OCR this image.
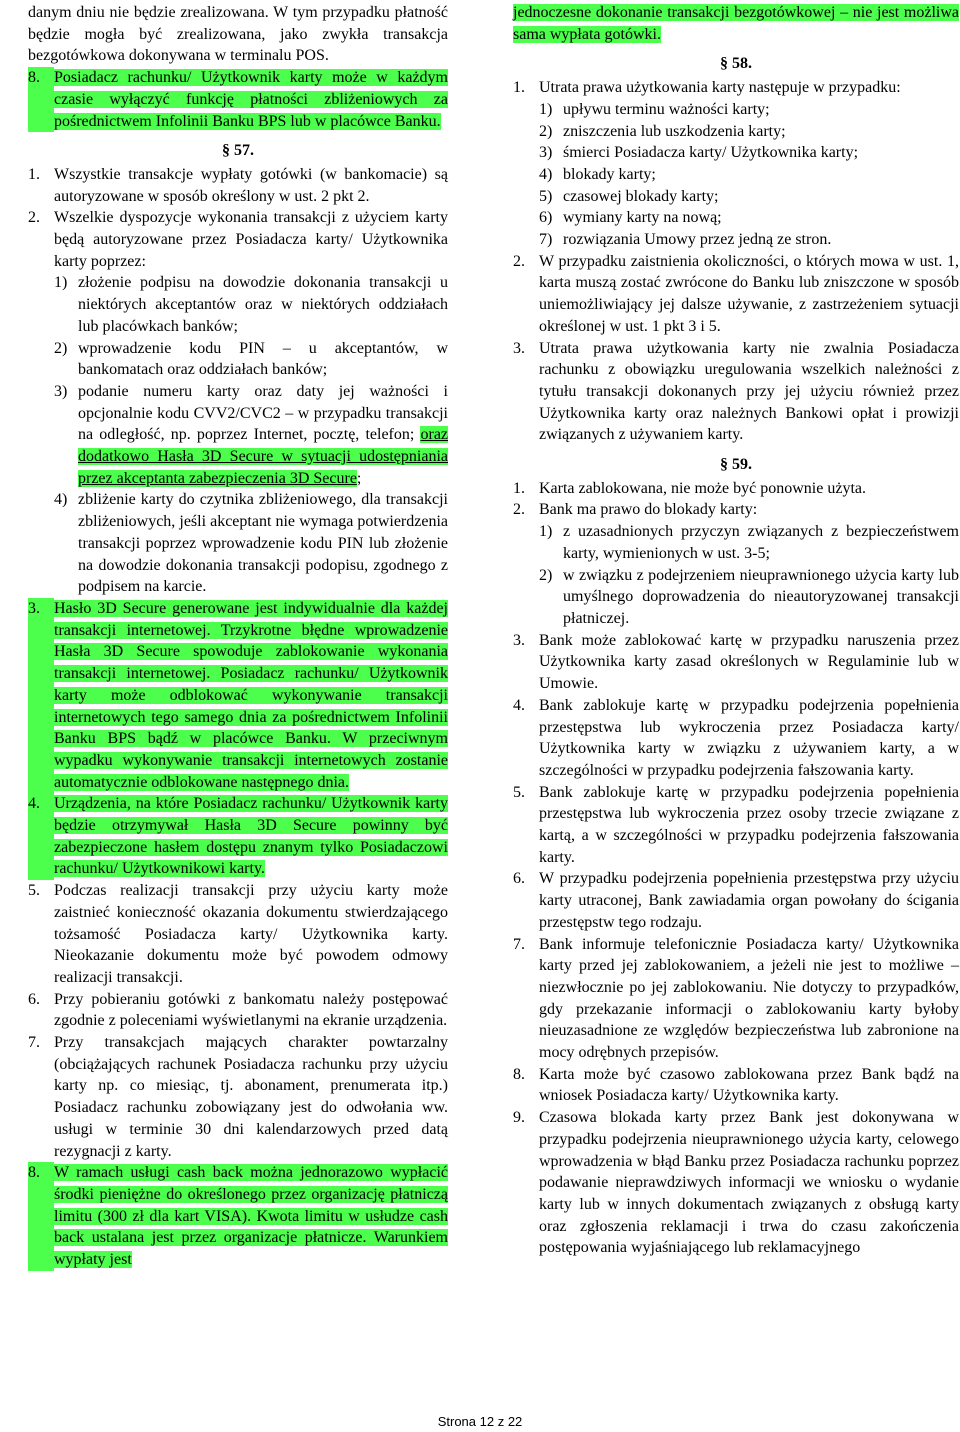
danym dniu nie będzie zrealizowana. W tym przypadku płatność będzie mogła być zrealizowana, jako zwykła transakcja bezgotówkowa dokonywana w terminalu POS.

8. Posiadacz rachunku/ Użytkownik karty może w każdym czasie wyłączyć funkcję płatności zbliżeniowych za pośrednictwem Infolinii Banku BPS lub w placówce Banku.
§ 57.
1. Wszystkie transakcje wypłaty gotówki (w bankomacie) są autoryzowane w sposób określony w ust. 2 pkt 2.
2. Wszelkie dyspozycje wykonania transakcji z użyciem karty będą autoryzowane przez Posiadacza karty/ Użytkownika karty poprzez:
1) złożenie podpisu na dowodzie dokonania transakcji u niektórych akceptantów oraz w niektórych oddziałach lub placówkach banków;
2) wprowadzenie kodu PIN – u akceptantów, w bankomatach oraz oddziałach banków;
3) podanie numeru karty oraz daty jej ważności i opcjonalnie kodu CVV2/CVC2 – w przypadku transakcji na odległość, np. poprzez Internet, pocztę, telefon; oraz dodatkowo Hasła 3D Secure w sytuacji udostępniania przez akceptanta zabezpieczenia 3D Secure;
4) zbliżenie karty do czytnika zbliżeniowego, dla transakcji zbliżeniowych, jeśli akceptant nie wymaga potwierdzenia transakcji poprzez wprowadzenie kodu PIN lub złożenie na dowodzie dokonania transakcji podopisu, zgodnego z podpisem na karcie.
3. Hasło 3D Secure generowane jest indywidualnie dla każdej transakcji internetowej. Trzykrotne błędne wprowadzenie Hasła 3D Secure spowoduje zablokowanie wykonania transakcji internetowej. Posiadacz rachunku/ Użytkownik karty może odblokować wykonywanie transakcji internetowych tego samego dnia za pośrednictwem Infolinii Banku BPS bądź w placówce Banku. W przeciwnym wypadku wykonywanie transakcji internetowych zostanie automatycznie odblokowane następnego dnia.
4. Urządzenia, na które Posiadacz rachunku/ Użytkownik karty będzie otrzymywał Hasła 3D Secure powinny być zabezpieczone hasłem dostępu znanym tylko Posiadaczowi rachunku/ Użytkownikowi karty.
5. Podczas realizacji transakcji przy użyciu karty może zaistnieć konieczność okazania dokumentu stwierdzającego tożsamość Posiadacza karty/ Użytkownika karty. Nieokazanie dokumentu może być powodem odmowy realizacji transakcji.
6. Przy pobieraniu gotówki z bankomatu należy postępować zgodnie z poleceniami wyświetlanymi na ekranie urządzenia.
7. Przy transakcjach mających charakter powtarzalny (obciążających rachunek Posiadacza rachunku przy użyciu karty np. co miesiąc, tj. abonament, prenumerata itp.) Posiadacz rachunku zobowiązany jest do odwołania ww. usługi w terminie 30 dni kalendarzowych przed datą rezygnacji z karty.
8. W ramach usługi cash back można jednorazowo wypłacić środki pieniężne do określonego przez organizację płatniczą limitu (300 zł dla kart VISA). Kwota limitu w usłudze cash back ustalana jest przez organizacje płatnicze. Warunkiem wypłaty jest

jednoczesne dokonanie transakcji bezgotówkowej – nie jest możliwa sama wypłata gotówki.

§ 58.
1. Utrata prawa użytkowania karty następuje w przypadku:
1) upływu terminu ważności karty;
2) zniszczenia lub uszkodzenia karty;
3) śmierci Posiadacza karty/ Użytkownika karty;
4) blokady karty;
5) czasowej blokady karty;
6) wymiany karty na nową;
7) rozwiązania Umowy przez jedną ze stron.
2. W przypadku zaistnienia okoliczności, o których mowa w ust. 1, karta muszą zostać zwrócone do Banku lub zniszczone w sposób uniemożliwiający jej dalsze używanie, z zastrzeżeniem sytuacji określonej w ust. 1 pkt 3 i 5.
3. Utrata prawa użytkowania karty nie zwalnia Posiadacza rachunku z obowiązku uregulowania wszelkich należności z tytułu transakcji dokonanych przy jej użyciu również przez Użytkownika karty oraz należnych Bankowi opłat i prowizji związanych z używaniem karty.
§ 59.
1. Karta zablokowana, nie może być ponownie użyta.
2. Bank ma prawo do blokady karty:
1) z uzasadnionych przyczyn związanych z bezpieczeństwem karty, wymienionych w ust. 3-5;
2) w związku z podejrzeniem nieuprawnionego użycia karty lub umyślnego doprowadzenia do nieautoryzowanej transakcji płatniczej.
3. Bank może zablokować kartę w przypadku naruszenia przez Użytkownika karty zasad określonych w Regulaminie lub w Umowie.
4. Bank zablokuje kartę w przypadku podejrzenia popełnienia przestępstwa lub wykroczenia przez Posiadacza karty/ Użytkownika karty w związku z używaniem karty, a w szczególności w przypadku podejrzenia fałszowania karty.
5. Bank zablokuje kartę w przypadku podejrzenia popełnienia przestępstwa lub wykroczenia przez osoby trzecie związane z kartą, a w szczególności w przypadku podejrzenia fałszowania karty.
6. W przypadku podejrzenia popełnienia przestępstwa przy użyciu karty utraconej, Bank zawiadamia organ powołany do ścigania przestępstw tego rodzaju.
7. Bank informuje telefonicznie Posiadacza karty/ Użytkownika karty przed jej zablokowaniem, a jeżeli nie jest to możliwe – niezwłocznie po jej zablokowaniu. Nie dotyczy to przypadków, gdy przekazanie informacji o zablokowaniu karty byłoby nieuzasadnione ze względów bezpieczeństwa lub zabronione na mocy odrębnych przepisów.
8. Karta może być czasowo zablokowana przez Bank bądź na wniosek Posiadacza karty/ Użytkownika karty.
9. Czasowa blokada karty przez Bank jest dokonywana w przypadku podejrzenia nieuprawnionego użycia karty, celowego wprowadzenia w błąd Banku przez Posiadacza rachunku poprzez podawanie nieprawdziwych informacji we wniosku o wydanie karty lub w innych dokumentach związanych z obsługą karty oraz zgłoszenia reklamacji i trwa do czasu zakończenia postępowania wyjaśniającego lub reklamacyjnego
Strona 12 z 22
